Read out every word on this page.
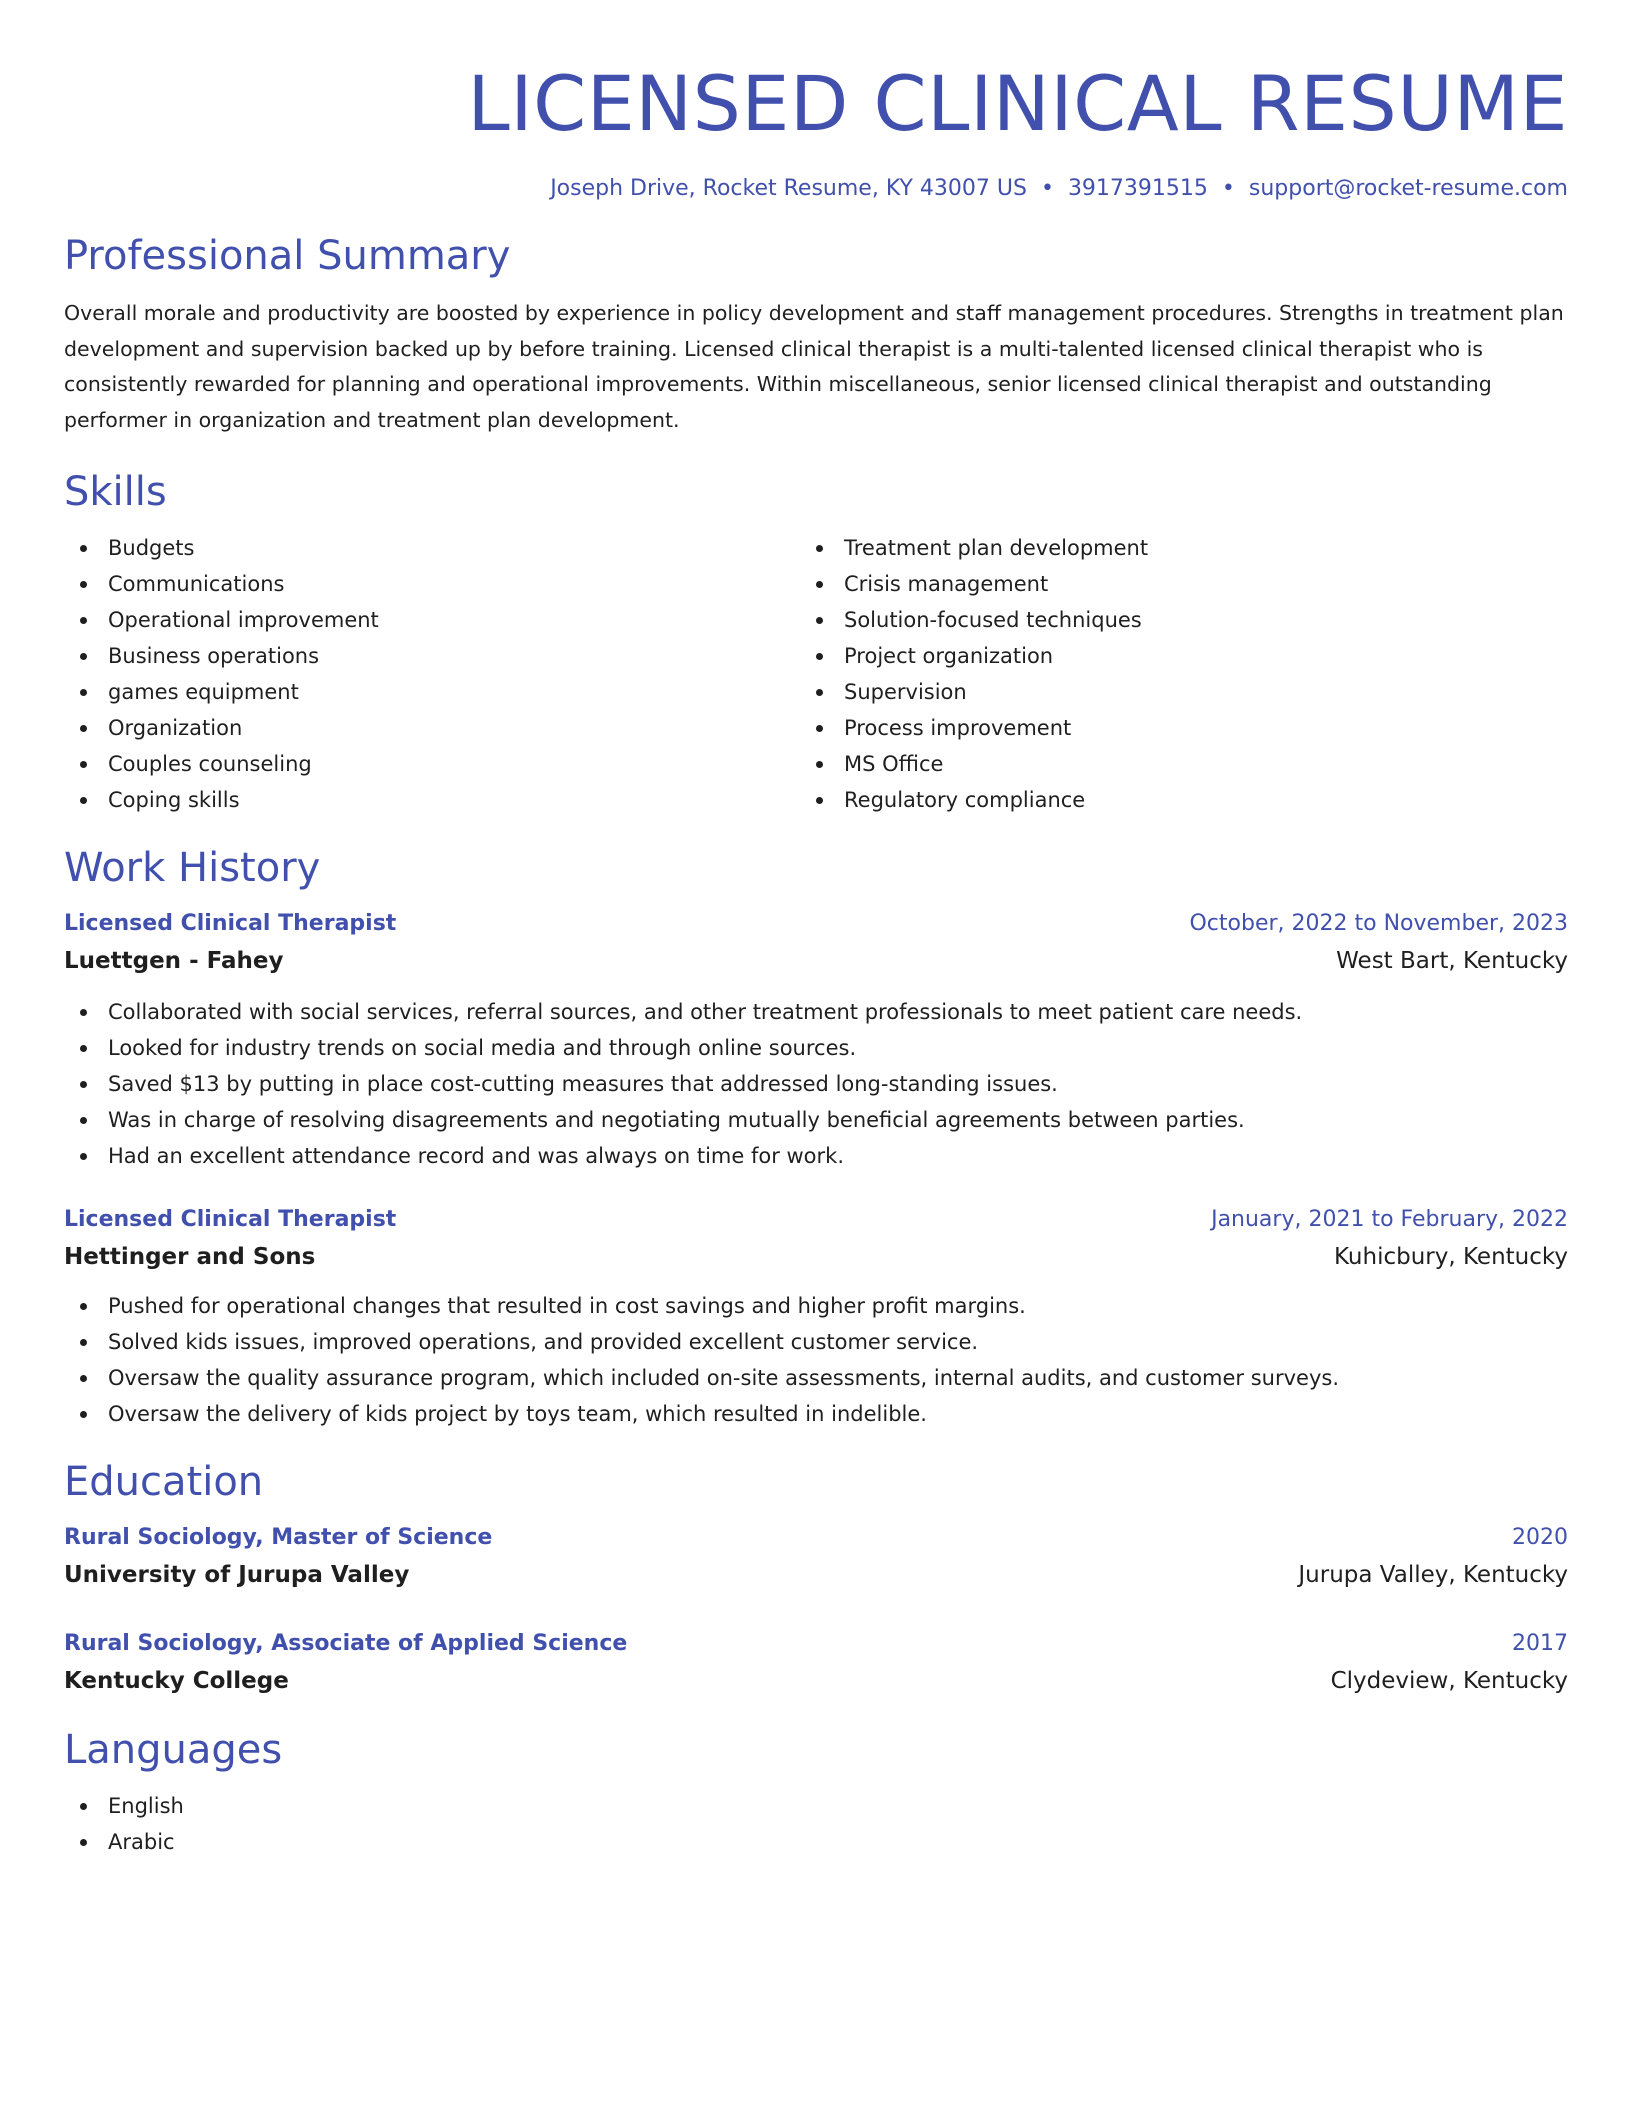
LICENSED CLINICAL RESUME
Joseph Drive, Rocket Resume, KY 43007 US • 3917391515 • support@rocket-resume.com
Professional Summary
Overall morale and productivity are boosted by experience in policy development and staff management procedures. Strengths in treatment plan development and supervision backed up by before training. Licensed clinical therapist is a multi-talented licensed clinical therapist who is consistently rewarded for planning and operational improvements. Within miscellaneous, senior licensed clinical therapist and outstanding performer in organization and treatment plan development.
Skills
Budgets
Communications
Operational improvement
Business operations
games equipment
Organization
Couples counseling
Coping skills
Treatment plan development
Crisis management
Solution-focused techniques
Project organization
Supervision
Process improvement
MS Office
Regulatory compliance
Work History
Licensed Clinical Therapist	October, 2022 to November, 2023
Luettgen - Fahey	West Bart, Kentucky
Collaborated with social services, referral sources, and other treatment professionals to meet patient care needs.
Looked for industry trends on social media and through online sources.
Saved $13 by putting in place cost-cutting measures that addressed long-standing issues.
Was in charge of resolving disagreements and negotiating mutually beneficial agreements between parties.
Had an excellent attendance record and was always on time for work.
Licensed Clinical Therapist	January, 2021 to February, 2022
Hettinger and Sons	Kuhicbury, Kentucky
Pushed for operational changes that resulted in cost savings and higher profit margins.
Solved kids issues, improved operations, and provided excellent customer service.
Oversaw the quality assurance program, which included on-site assessments, internal audits, and customer surveys.
Oversaw the delivery of kids project by toys team, which resulted in indelible.
Education
Rural Sociology, Master of Science	2020
University of Jurupa Valley	Jurupa Valley, Kentucky
Rural Sociology, Associate of Applied Science	2017
Kentucky College	Clydeview, Kentucky
Languages
English
Arabic
